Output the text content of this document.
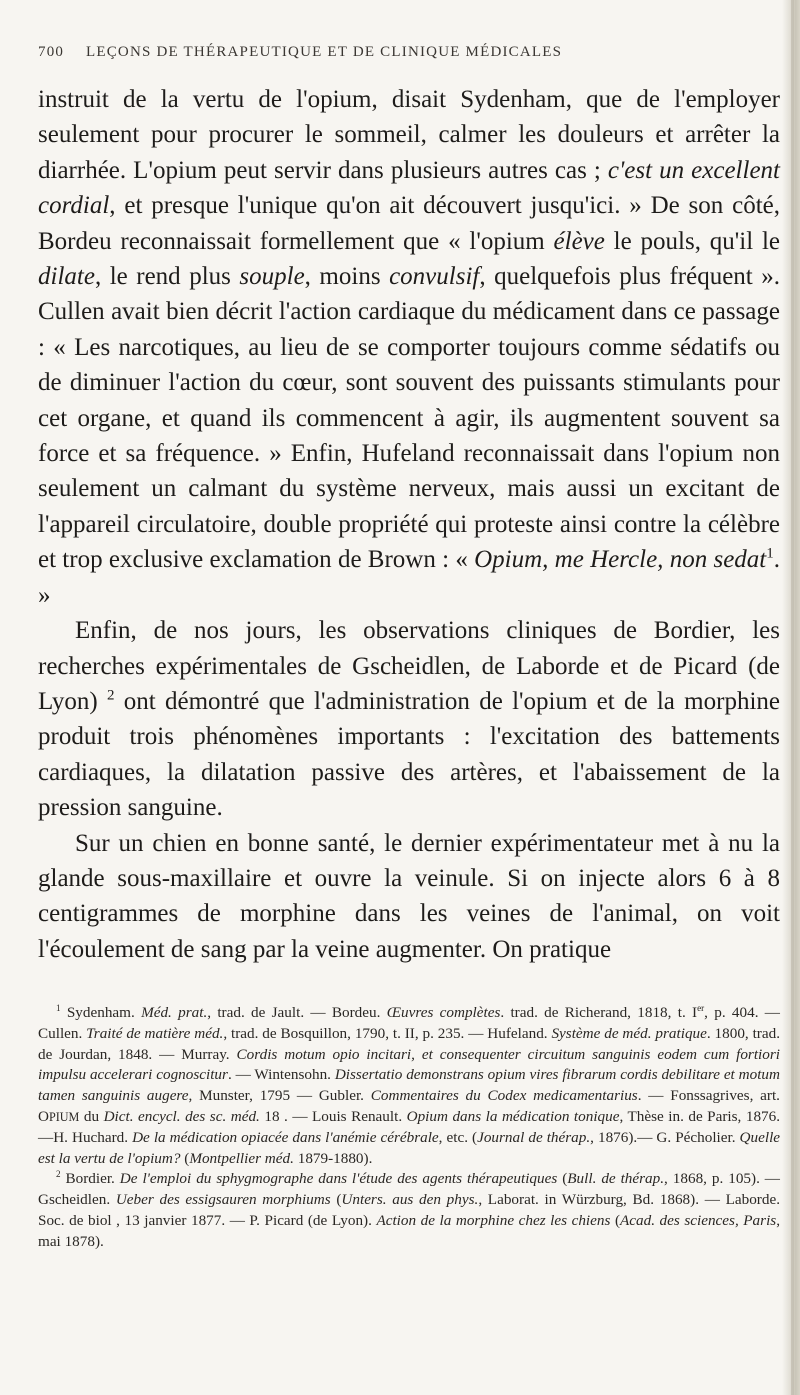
700 LEÇONS DE THÉRAPEUTIQUE ET DE CLINIQUE MÉDICALES

instruit de la vertu de l'opium, disait Sydenham, que de l'employer seulement pour procurer le sommeil, calmer les douleurs et arrêter la diarrhée. L'opium peut servir dans plusieurs autres cas ; c'est un excellent cordial, et presque l'unique qu'on ait découvert jusqu'ici. » De son côté, Bordeu reconnaissait formellement que « l'opium élève le pouls, qu'il le dilate, le rend plus souple, moins convulsif, quelquefois plus fréquent ». Cullen avait bien décrit l'action cardiaque du médicament dans ce passage : « Les narcotiques, au lieu de se comporter toujours comme sédatifs ou de diminuer l'action du cœur, sont souvent des puissants stimulants pour cet organe, et quand ils commencent à agir, ils augmentent souvent sa force et sa fréquence. » Enfin, Hufeland reconnaissait dans l'opium non seulement un calmant du système nerveux, mais aussi un excitant de l'appareil circulatoire, double propriété qui proteste ainsi contre la célèbre et trop exclusive exclamation de Brown : « Opium, me Hercle, non sedat$^1$. »

Enfin, de nos jours, les observations cliniques de Bordier, les recherches expérimentales de Gscheidlen, de Laborde et de Picard (de Lyon) $^2$ ont démontré que l'administration de l'opium et de la morphine produit trois phénomènes importants : l'excitation des battements cardiaques, la dilatation passive des artères, et l'abaissement de la pression sanguine.

Sur un chien en bonne santé, le dernier expérimentateur met à nu la glande sous-maxillaire et ouvre la veinule. Si on injecte alors 6 à 8 centigrammes de morphine dans les veines de l'animal, on voit l'écoulement de sang par la veine augmenter. On pratique

$^1$ Sydenham. Méd. prat., trad. de Jault. — Bordeu. Œuvres complètes. trad. de Richerand, 1818, t. Ier, p. 404. — Cullen. Traité de matière méd., trad. de Bosquillon, 1790, t. II, p. 235. — Hufeland. Système de méd. pratique. 1800, trad. de Jourdan, 1848. — Murray. Cordis motum opio incitari, et consequenter circuitum sanguinis eodem cum fortiori impulsu accelerari cognoscitur. — Wintensohn. Dissertatio demonstrans opium vires fibrarum cordis debilitare et motum tamen sanguinis augere, Munster, 1795 — Gubler. Commentaires du Codex medicamentarius. — Fonssagrives, art. OPIUM du Dict. encycl. des sc. méd. 18 . — Louis Renault. Opium dans la médication tonique, Thèse in. de Paris, 1876.—H. Huchard. De la médication opiacée dans l'anémie cérébrale, etc. (Journal de thérap., 1876).— G. Pécholier. Quelle est la vertu de l'opium? (Montpellier méd. 1879-1880).

$^2$ Bordier. De l'emploi du sphygmographe dans l'étude des agents thérapeutiques (Bull. de thérap., 1868, p. 105). — Gscheidlen. Ueber des essigsauren morphiums (Unters. aus den phys., Laborat. in Würzburg, Bd. 1868). — Laborde. Soc. de biol , 13 janvier 1877. — P. Picard (de Lyon). Action de la morphine chez les chiens (Acad. des sciences, Paris, mai 1878).
